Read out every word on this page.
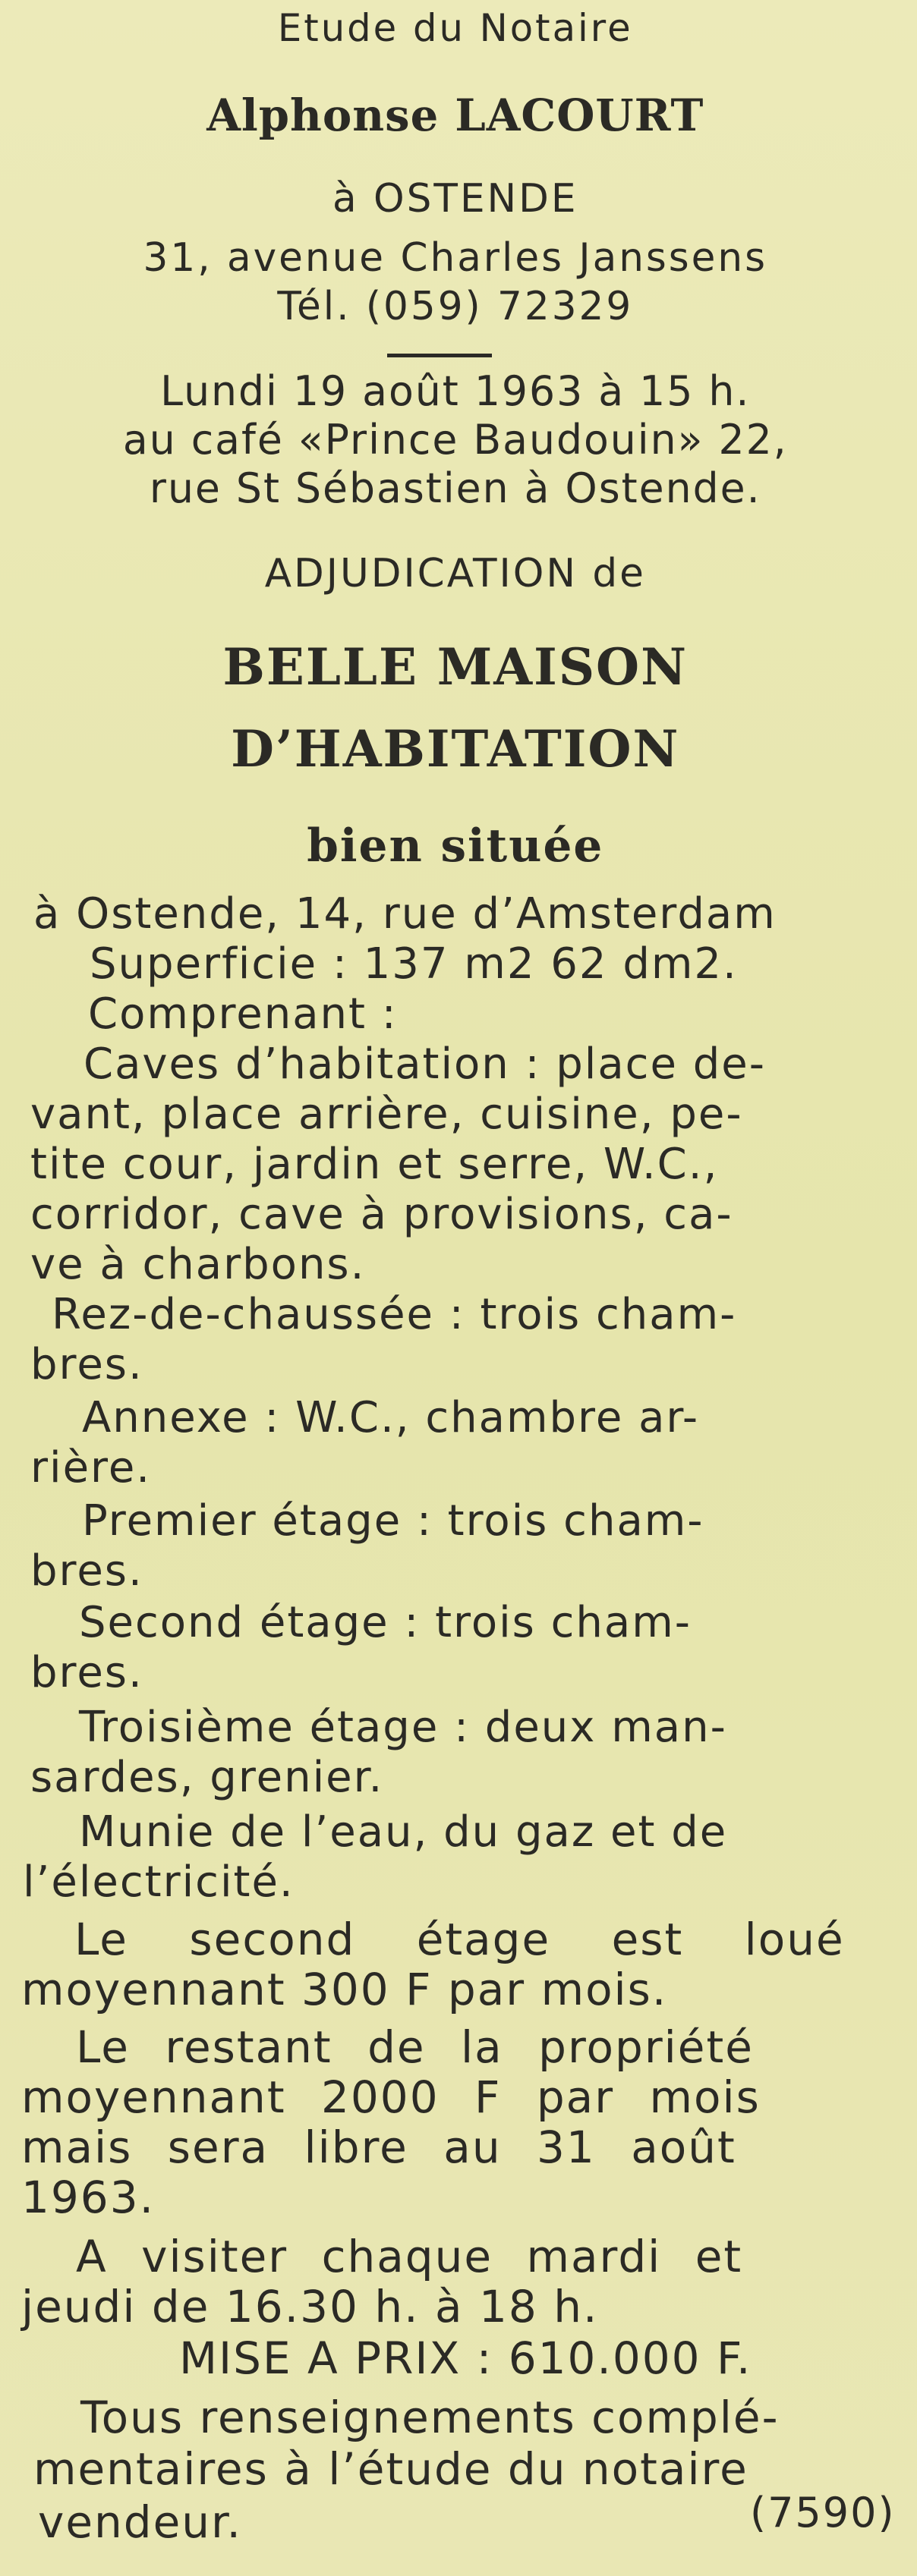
Etude du Notaire
Alphonse LACOURT
à OSTENDE
31, avenue Charles Janssens
Tél. (059) 72329
Lundi 19 août 1963 à 15 h.
au café «Prince Baudouin» 22,
rue St Sébastien à Ostende.
ADJUDICATION de
BELLE MAISON
D’HABITATION
bien située
à Ostende, 14, rue d’Amsterdam
Superficie : 137 m2 62 dm2.
Comprenant :
Caves d’habitation : place de-
vant, place arrière, cuisine, pe-
tite cour, jardin et serre, W.C.,
corridor, cave à provisions, ca-
ve à charbons.
Rez-de-chaussée : trois cham-
bres.
Annexe : W.C., chambre ar-
rière.
Premier étage : trois cham-
bres.
Second étage : trois cham-
bres.
Troisième étage : deux man-
sardes, grenier.
Munie de l’eau, du gaz et de
l’électricité.
Le second étage est loué
moyennant 300 F par mois.
Le restant de la propriété
moyennant 2000 F par mois
mais sera libre au 31 août
1963.
A visiter chaque mardi et
jeudi de 16.30 h. à 18 h.
MISE A PRIX : 610.000 F.
Tous renseignements complé-
mentaires à l’étude du notaire
vendeur.	(7590)
